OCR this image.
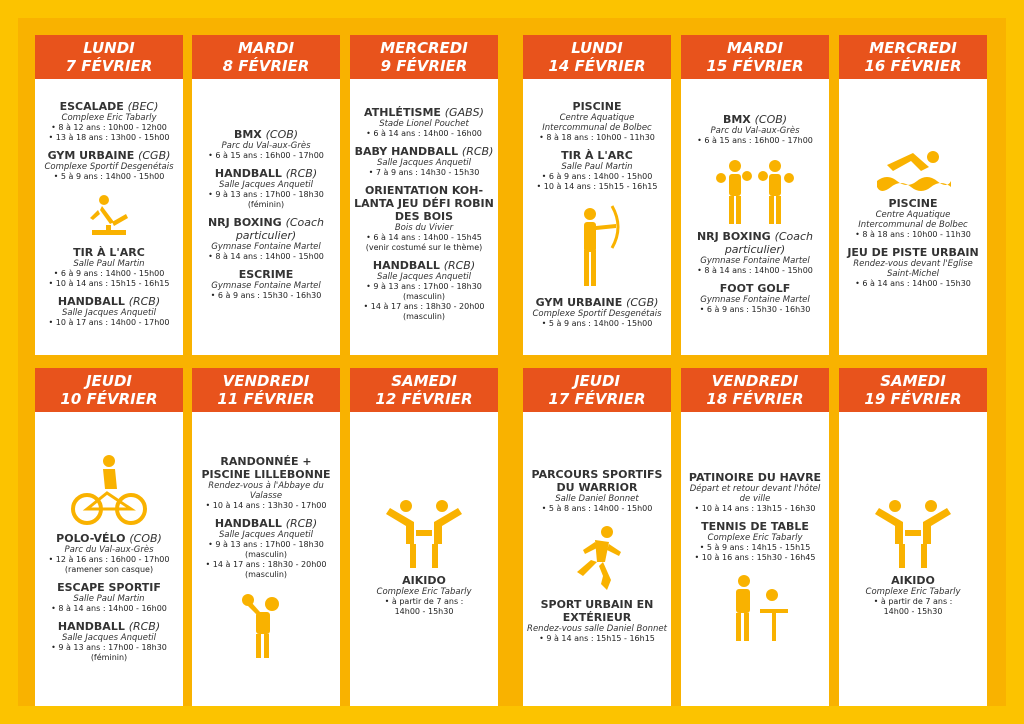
LUNDI
7 FÉVRIER
ESCALADE (BEC)
Complexe Eric Tabarly
• 8 à 12 ans : 10h00 - 12h00
• 13 à 18 ans : 13h00 - 15h00
GYM URBAINE (CGB)
Complexe Sportif Desgenétais
• 5 à 9 ans : 14h00 - 15h00
TIR À L'ARC
Salle Paul Martin
• 6 à 9 ans : 14h00 - 15h00
• 10 à 14 ans : 15h15 - 16h15
HANDBALL (RCB)
Salle Jacques Anquetil
• 10 à 17 ans : 14h00 - 17h00
MARDI
8 FÉVRIER
BMX (COB)
Parc du Val-aux-Grès
• 6 à 15 ans : 16h00 - 17h00
HANDBALL (RCB)
Salle Jacques Anquetil
• 9 à 13 ans : 17h00 - 18h30
(féminin)
NRJ BOXING (Coach particulier)
Gymnase Fontaine Martel
• 8 à 14 ans : 14h00 - 15h00
ESCRIME
Gymnase Fontaine Martel
• 6 à 9 ans : 15h30 - 16h30
MERCREDI
9 FÉVRIER
ATHLÉTISME (GABS)
Stade Lionel Pouchet
• 6 à 14 ans : 14h00 - 16h00
BABY HANDBALL (RCB)
Salle Jacques Anquetil
• 7 à 9 ans : 14h30 - 15h30
ORIENTATION KOH-LANTA JEU DÉFI ROBIN DES BOIS
Bois du Vivier
• 6 à 14 ans : 14h00 - 15h45
(venir costumé sur le thème)
HANDBALL (RCB)
Salle Jacques Anquetil
• 9 à 13 ans : 17h00 - 18h30
(masculin)
• 14 à 17 ans : 18h30 - 20h00
(masculin)
LUNDI
14 FÉVRIER
PISCINE
Centre Aquatique Intercommunal de Bolbec
• 8 à 18 ans : 10h00 - 11h30
TIR À L'ARC
Salle Paul Martin
• 6 à 9 ans : 14h00 - 15h00
• 10 à 14 ans : 15h15 - 16h15
GYM URBAINE (CGB)
Complexe Sportif Desgenétais
• 5 à 9 ans : 14h00 - 15h00
MARDI
15 FÉVRIER
BMX (COB)
Parc du Val-aux-Grès
• 6 à 15 ans : 16h00 - 17h00
NRJ BOXING (Coach particulier)
Gymnase Fontaine Martel
• 8 à 14 ans : 14h00 - 15h00
FOOT GOLF
Gymnase Fontaine Martel
• 6 à 9 ans : 15h30 - 16h30
MERCREDI
16 FÉVRIER
PISCINE
Centre Aquatique Intercommunal de Bolbec
• 8 à 18 ans : 10h00 - 11h30
JEU DE PISTE URBAIN
Rendez-vous devant l'Eglise Saint-Michel
• 6 à 14 ans : 14h00 - 15h30
JEUDI
10 FÉVRIER
POLO-VÉLO (COB)
Parc du Val-aux-Grès
• 12 à 16 ans : 16h00 - 17h00
(ramener son casque)
ESCAPE SPORTIF
Salle Paul Martin
• 8 à 14 ans : 14h00 - 16h00
HANDBALL (RCB)
Salle Jacques Anquetil
• 9 à 13 ans : 17h00 - 18h30
(féminin)
VENDREDI
11 FÉVRIER
RANDONNÉE + PISCINE LILLEBONNE
Rendez-vous à l'Abbaye du Valasse
• 10 à 14 ans : 13h30 - 17h00
HANDBALL (RCB)
Salle Jacques Anquetil
• 9 à 13 ans : 17h00 - 18h30
(masculin)
• 14 à 17 ans : 18h30 - 20h00
(masculin)
SAMEDI
12 FÉVRIER
AIKIDO
Complexe Eric Tabarly
• à partir de 7 ans :
14h00 - 15h30
JEUDI
17 FÉVRIER
PARCOURS SPORTIFS DU WARRIOR
Salle Daniel Bonnet
• 5 à 8 ans : 14h00 - 15h00
SPORT URBAIN EN EXTÉRIEUR
Rendez-vous salle Daniel Bonnet
• 9 à 14 ans : 15h15 - 16h15
VENDREDI
18 FÉVRIER
PATINOIRE DU HAVRE
Départ et retour devant l'hôtel de ville
• 10 à 14 ans : 13h15 - 16h30
TENNIS DE TABLE
Complexe Eric Tabarly
• 5 à 9 ans : 14h15 - 15h15
• 10 à 16 ans : 15h30 - 16h45
SAMEDI
19 FÉVRIER
AIKIDO
Complexe Eric Tabarly
• à partir de 7 ans :
14h00 - 15h30
